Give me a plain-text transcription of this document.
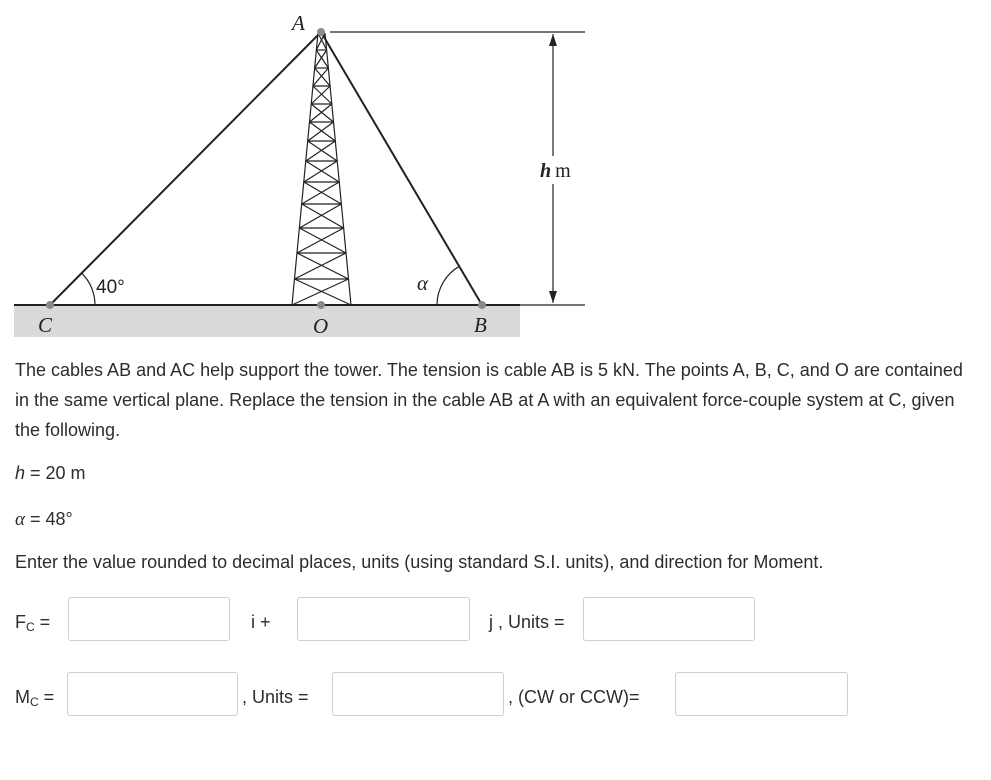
A
C	O	B
40°	α
h m
The cables AB and AC help support the tower. The tension is cable AB is 5 kN. The points A, B, C, and O are contained in the same vertical plane. Replace the tension in the cable AB at A with an equivalent force-couple system at C, given the following.
h = 20 m
α = 48°
Enter the value rounded to decimal places, units (using standard S.I. units), and direction for Moment.
$F_C$ =	i +	j , Units =
$M_C$ =	, Units =	, (CW or CCW)=
